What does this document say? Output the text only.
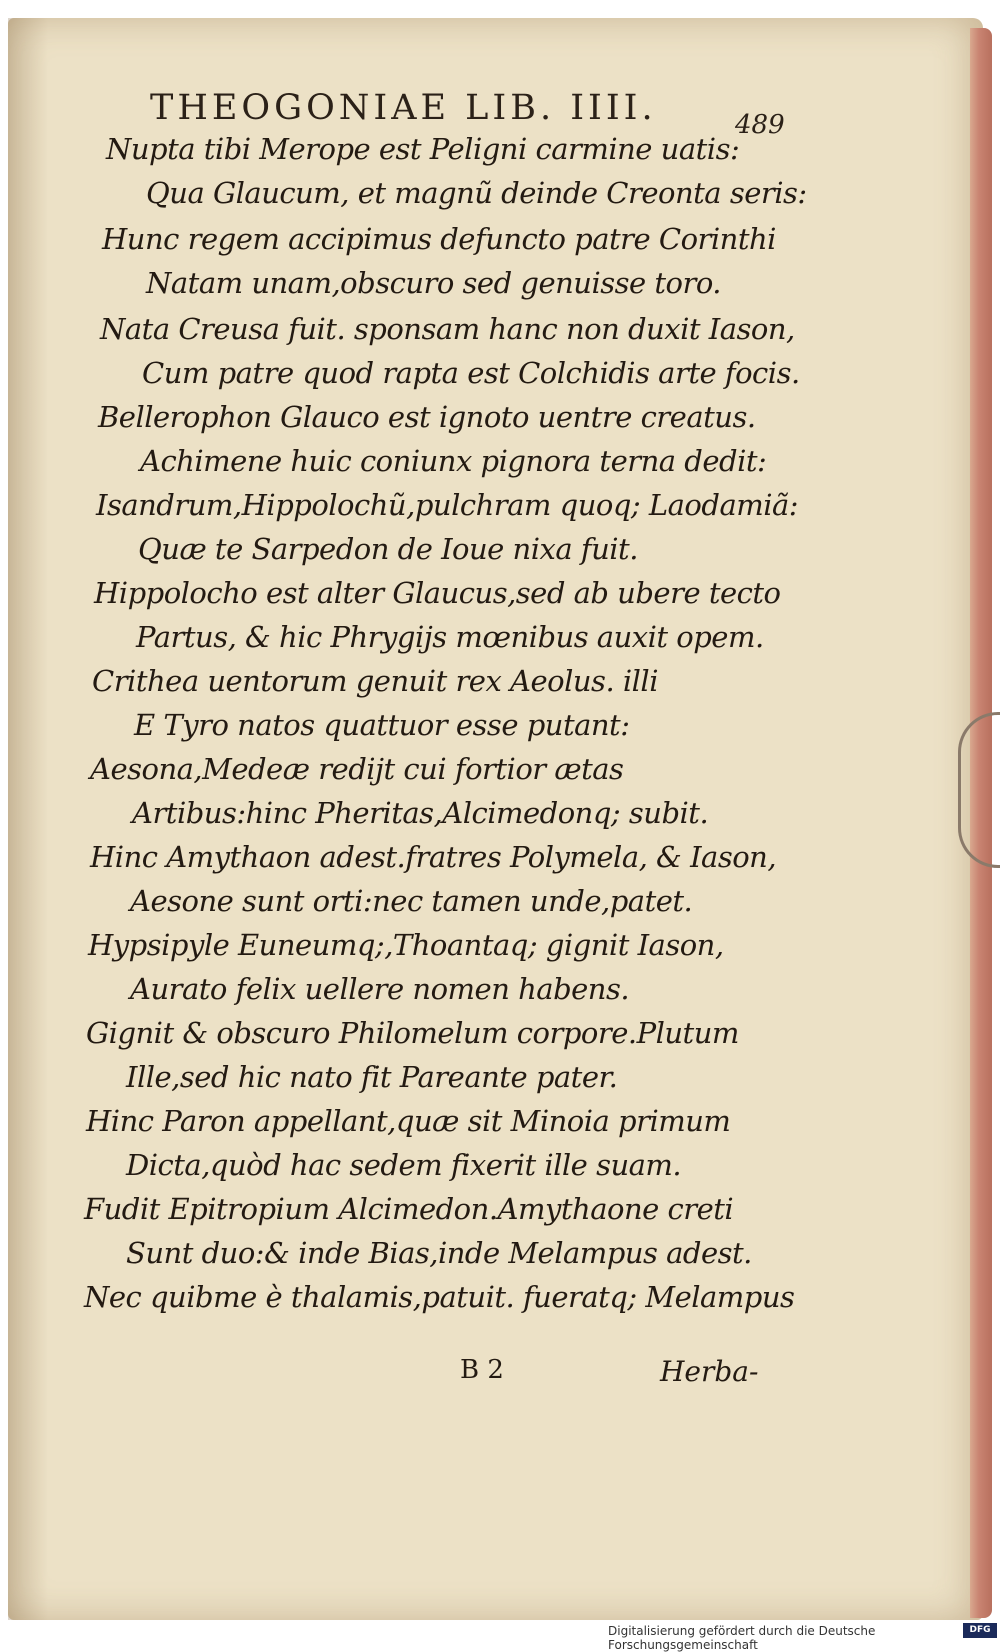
THEOGONIAE LIB. IIII.	489
Nupta tibi Merope est Peligni carmine uatis:
Qua Glaucum, et magnũ deinde Creonta seris:
Hunc regem accipimus defuncto patre Corinthi
Natam unam,obscuro sed genuisse toro.
Nata Creusa fuit. sponsam hanc non duxit Iason,
Cum patre quod rapta est Colchidis arte focis.
Bellerophon Glauco est ignoto uentre creatus.
Achimene huic coniunx pignora terna dedit:
Isandrum,Hippolochũ,pulchram quoq; Laodamiã:
Quæ te Sarpedon de Ioue nixa fuit.
Hippolocho est alter Glaucus,sed ab ubere tecto
Partus, & hic Phrygijs mœnibus auxit opem.
Crithea uentorum genuit rex Aeolus. illi
E Tyro natos quattuor esse putant:
Aesona,Medeæ redijt cui fortior ætas
Artibus:hinc Pheritas,Alcimedonq; subit.
Hinc Amythaon adest.fratres Polymela, & Iason,
Aesone sunt orti:nec tamen unde,patet.
Hypsipyle Euneumq;,Thoantaq; gignit Iason,
Aurato felix uellere nomen habens.
Gignit & obscuro Philomelum corpore.Plutum
Ille,sed hic nato fit Pareante pater.
Hinc Paron appellant,quæ sit Minoia primum
Dicta,quòd hac sedem fixerit ille suam.
Fudit Epitropium Alcimedon.Amythaone creti
Sunt duo:& inde Bias,inde Melampus adest.
Nec quibme è thalamis,patuit. fueratq; Melampus
B 2	Herba-
Digitalisierung gefördert durch die Deutsche Forschungsgemeinschaft
DFG
